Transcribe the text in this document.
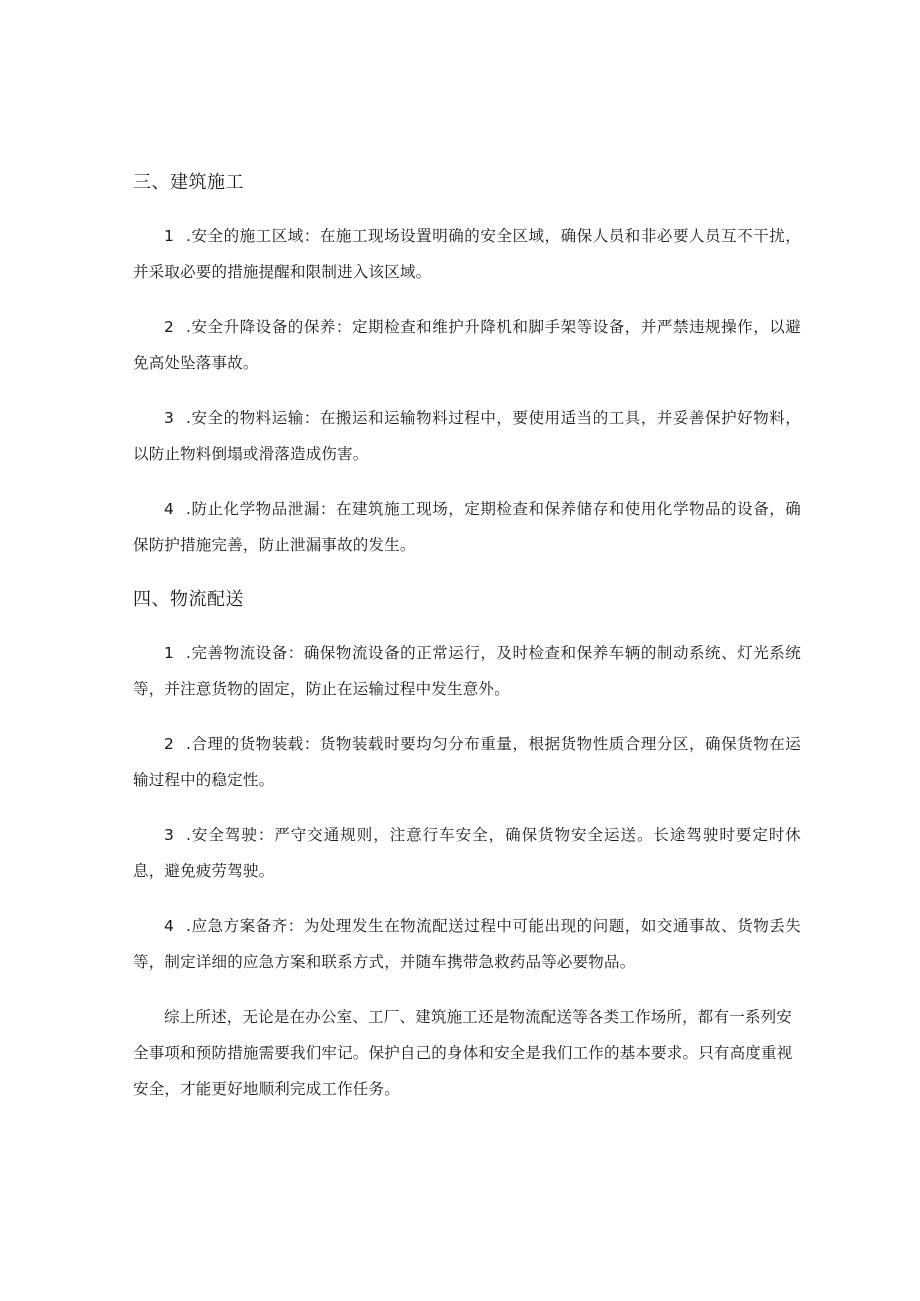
三、建筑施工

1 .安全的施工区域：在施工现场设置明确的安全区域，确保人员和非必要人员互不干扰，并采取必要的措施提醒和限制进入该区域。

2 .安全升降设备的保养：定期检查和维护升降机和脚手架等设备，并严禁违规操作，以避免高处坠落事故。

3 .安全的物料运输：在搬运和运输物料过程中，要使用适当的工具，并妥善保护好物料，以防止物料倒塌或滑落造成伤害。

4 .防止化学物品泄漏：在建筑施工现场，定期检查和保养储存和使用化学物品的设备，确保防护措施完善，防止泄漏事故的发生。

四、物流配送

1 .完善物流设备：确保物流设备的正常运行，及时检查和保养车辆的制动系统、灯光系统等，并注意货物的固定，防止在运输过程中发生意外。

2 .合理的货物装载：货物装载时要均匀分布重量，根据货物性质合理分区，确保货物在运输过程中的稳定性。

3 .安全驾驶：严守交通规则，注意行车安全，确保货物安全运送。长途驾驶时要定时休息，避免疲劳驾驶。

4 .应急方案备齐：为处理发生在物流配送过程中可能出现的问题，如交通事故、货物丢失等，制定详细的应急方案和联系方式，并随车携带急救药品等必要物品。

综上所述，无论是在办公室、工厂、建筑施工还是物流配送等各类工作场所，都有一系列安全事项和预防措施需要我们牢记。保护自己的身体和安全是我们工作的基本要求。只有高度重视安全，才能更好地顺利完成工作任务。
